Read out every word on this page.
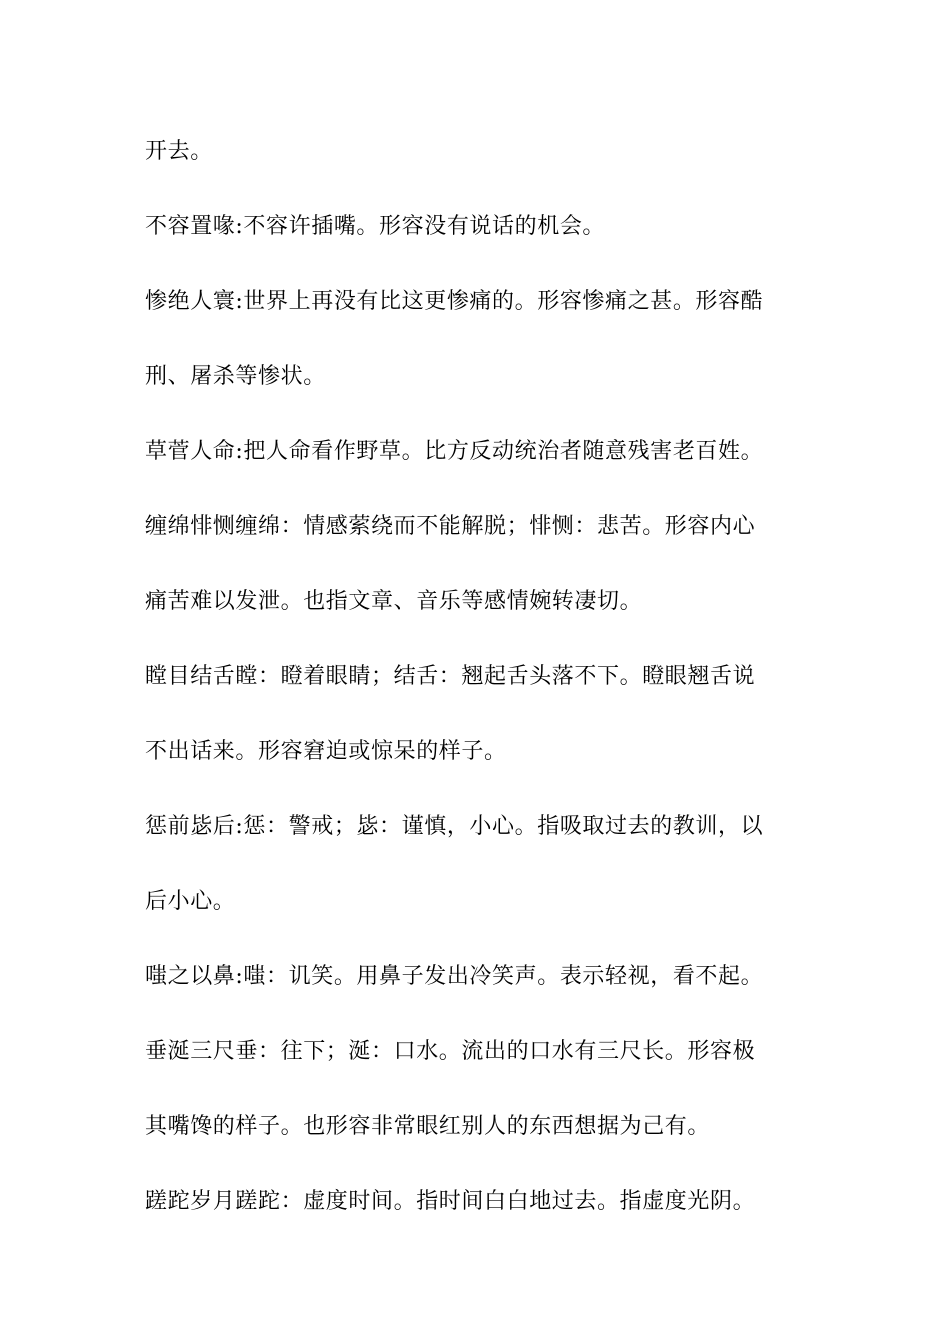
开去。
不容置喙:不容许插嘴。形容没有说话的机会。
惨绝人寰:世界上再没有比这更惨痛的。形容惨痛之甚。形容酷
刑、屠杀等惨状。
草菅人命:把人命看作野草。比方反动统治者随意残害老百姓。
缠绵悱恻缠绵：情感萦绕而不能解脱；悱恻：悲苦。形容内心
痛苦难以发泄。也指文章、音乐等感情婉转凄切。
瞠目结舌瞠：瞪着眼睛；结舌：翘起舌头落不下。瞪眼翘舌说
不出话来。形容窘迫或惊呆的样子。
惩前毖后:惩：警戒；毖：谨慎，小心。指吸取过去的教训，以
后小心。
嗤之以鼻:嗤：讥笑。用鼻子发出冷笑声。表示轻视，看不起。
垂涎三尺垂：往下；涎：口水。流出的口水有三尺长。形容极
其嘴馋的样子。也形容非常眼红别人的东西想据为己有。
蹉跎岁月蹉跎：虚度时间。指时间白白地过去。指虚度光阴。
